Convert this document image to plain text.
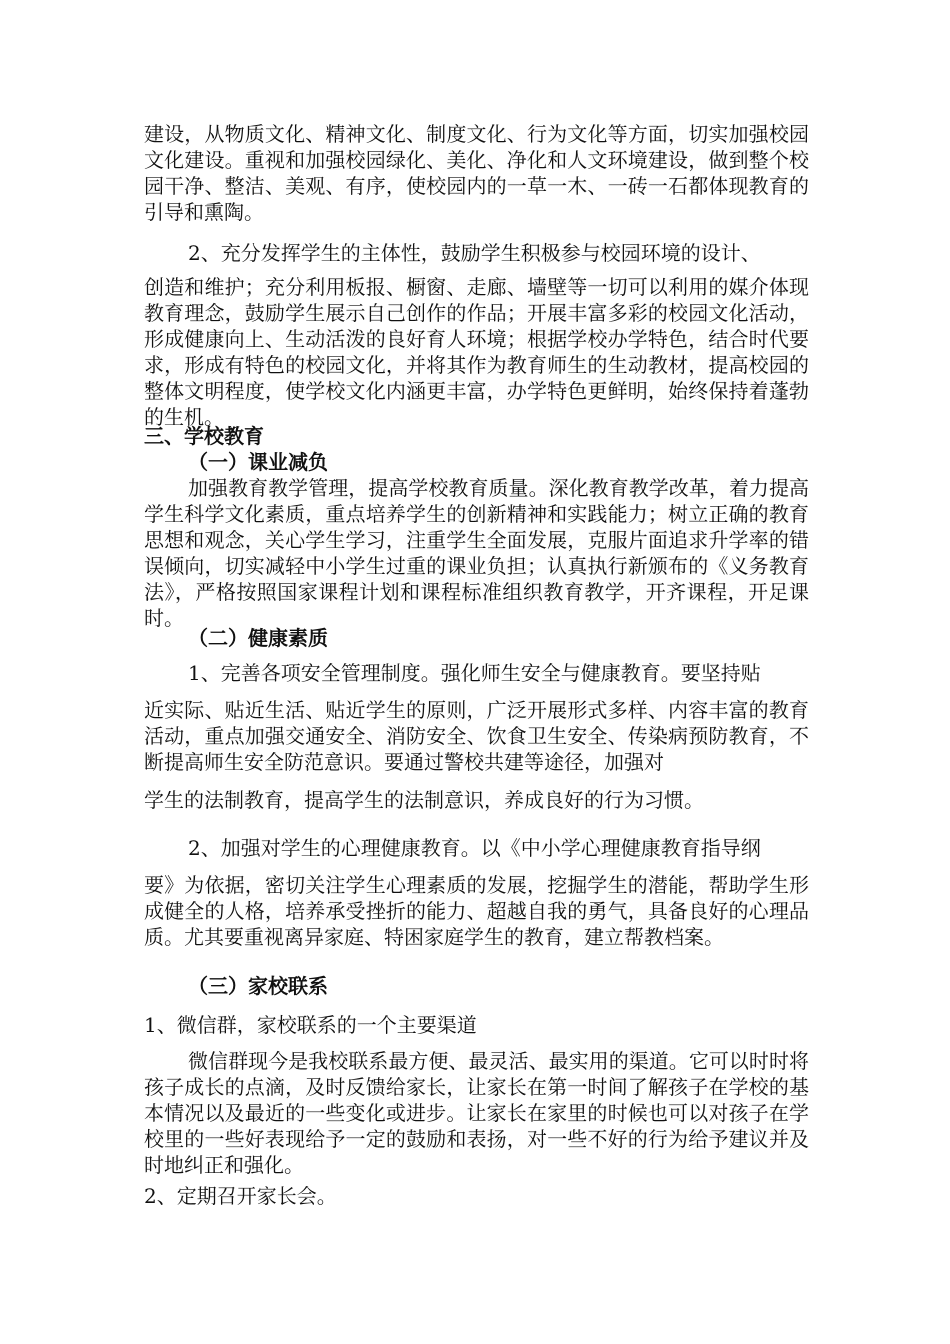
建设，从物质文化、精神文化、制度文化、行为文化等方面，切实加强校园文化建设。重视和加强校园绿化、美化、净化和人文环境建设，做到整个校园干净、整洁、美观、有序，使校园内的一草一木、一砖一石都体现教育的引导和熏陶。

2、充分发挥学生的主体性，鼓励学生积极参与校园环境的设计、

创造和维护；充分利用板报、橱窗、走廊、墙壁等一切可以利用的媒介体现教育理念，鼓励学生展示自己创作的作品；开展丰富多彩的校园文化活动，形成健康向上、生动活泼的良好育人环境；根据学校办学特色，结合时代要求，形成有特色的校园文化，并将其作为教育师生的生动教材，提高校园的整体文明程度，使学校文化内涵更丰富，办学特色更鲜明，始终保持着蓬勃的生机。

三、学校教育

（一）课业减负

加强教育教学管理，提高学校教育质量。深化教育教学改革，着力提高学生科学文化素质，重点培养学生的创新精神和实践能力；树立正确的教育思想和观念，关心学生学习，注重学生全面发展，克服片面追求升学率的错误倾向，切实减轻中小学生过重的课业负担；认真执行新颁布的《义务教育法》，严格按照国家课程计划和课程标准组织教育教学，开齐课程，开足课时。

（二）健康素质

1、完善各项安全管理制度。强化师生安全与健康教育。要坚持贴

近实际、贴近生活、贴近学生的原则，广泛开展形式多样、内容丰富的教育活动，重点加强交通安全、消防安全、饮食卫生安全、传染病预防教育，不断提高师生安全防范意识。要通过警校共建等途径，加强对

学生的法制教育，提高学生的法制意识，养成良好的行为习惯。

2、加强对学生的心理健康教育。以《中小学心理健康教育指导纲

要》为依据，密切关注学生心理素质的发展，挖掘学生的潜能，帮助学生形成健全的人格，培养承受挫折的能力、超越自我的勇气，具备良好的心理品质。尤其要重视离异家庭、特困家庭学生的教育，建立帮教档案。

（三）家校联系

1、微信群，家校联系的一个主要渠道

微信群现今是我校联系最方便、最灵活、最实用的渠道。它可以时时将孩子成长的点滴，及时反馈给家长，让家长在第一时间了解孩子在学校的基本情况以及最近的一些变化或进步。让家长在家里的时候也可以对孩子在学校里的一些好表现给予一定的鼓励和表扬，对一些不好的行为给予建议并及时地纠正和强化。

2、定期召开家长会。
